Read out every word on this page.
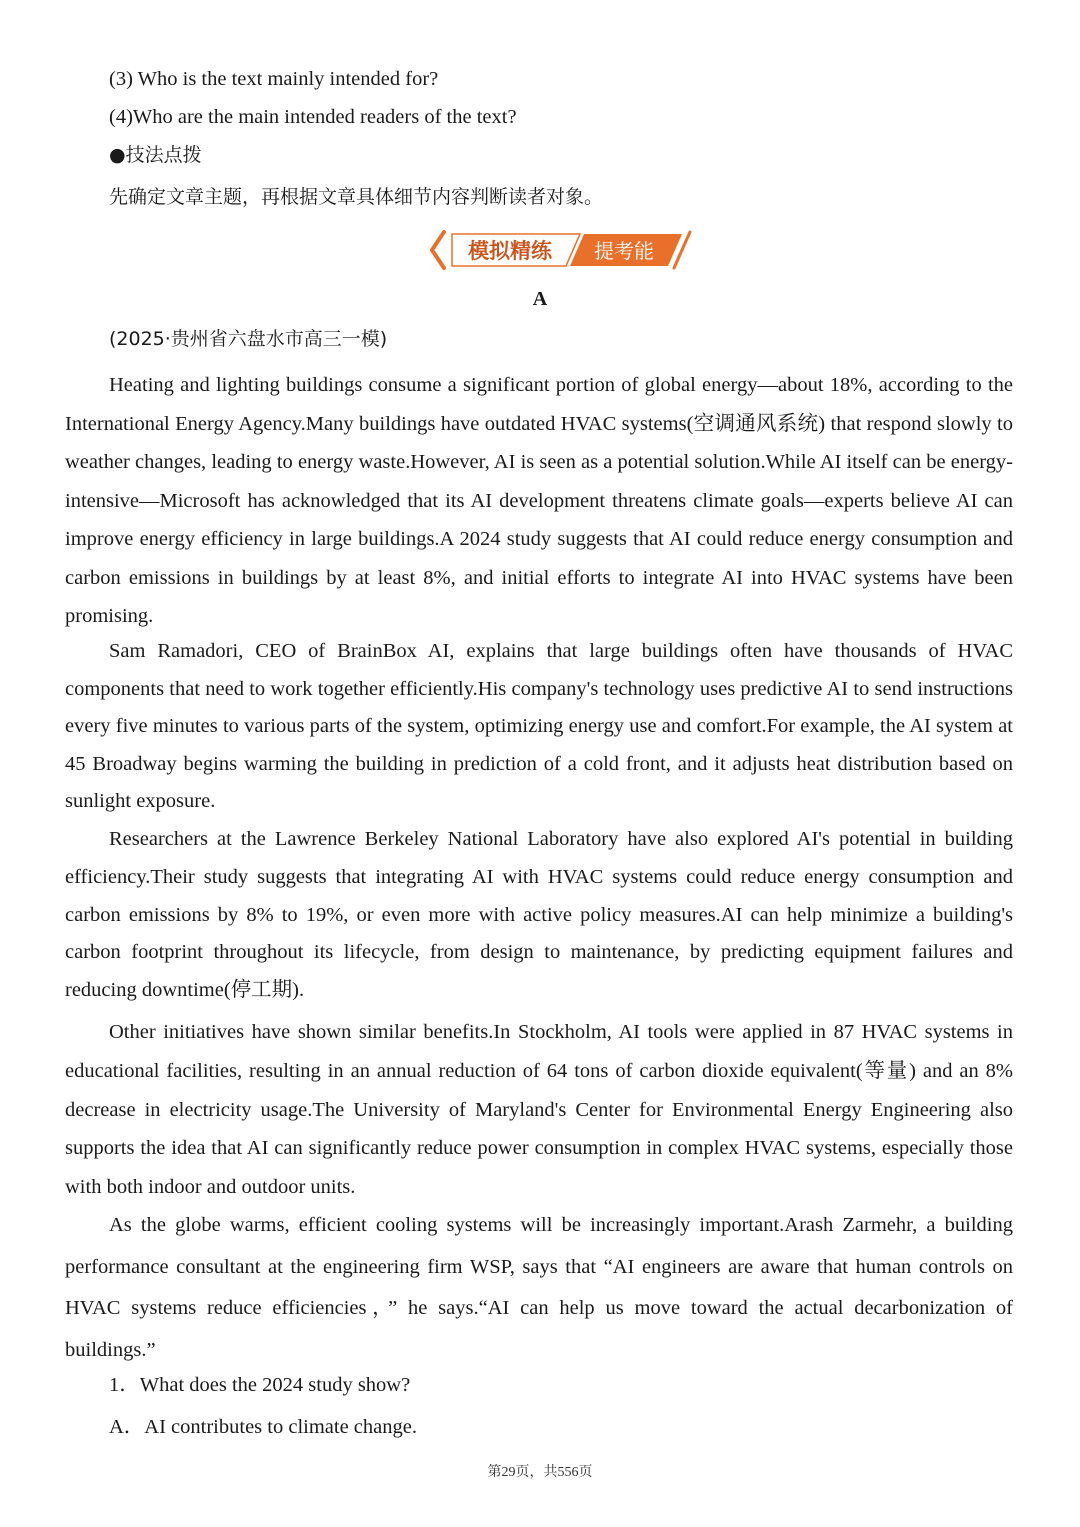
(3) Who is the text mainly intended for?
(4)Who are the main intended readers of the text?
●技法点拨
先确定文章主题，再根据文章具体细节内容判断读者对象。
模拟精练 提考能
A
(2025·贵州省六盘水市高三一模)

Heating and lighting buildings consume a significant portion of global energy—about 18%, according to the International Energy Agency.Many buildings have outdated HVAC systems(空调通风系统) that respond slowly to weather changes, leading to energy waste.However, AI is seen as a potential solution.While AI itself can be energy-intensive—Microsoft has acknowledged that its AI development threatens climate goals—experts believe AI can improve energy efficiency in large buildings.A 2024 study suggests that AI could reduce energy consumption and carbon emissions in buildings by at least 8%, and initial efforts to integrate AI into HVAC systems have been promising.

Sam Ramadori, CEO of BrainBox AI, explains that large buildings often have thousands of HVAC components that need to work together efficiently.His company's technology uses predictive AI to send instructions every five minutes to various parts of the system, optimizing energy use and comfort.For example, the AI system at 45 Broadway begins warming the building in prediction of a cold front, and it adjusts heat distribution based on sunlight exposure.

Researchers at the Lawrence Berkeley National Laboratory have also explored AI's potential in building efficiency.Their study suggests that integrating AI with HVAC systems could reduce energy consumption and carbon emissions by 8% to 19%, or even more with active policy measures.AI can help minimize a building's carbon footprint throughout its lifecycle, from design to maintenance, by predicting equipment failures and reducing downtime(停工期).

Other initiatives have shown similar benefits.In Stockholm, AI tools were applied in 87 HVAC systems in educational facilities, resulting in an annual reduction of 64 tons of carbon dioxide equivalent(等量) and an 8% decrease in electricity usage.The University of Maryland's Center for Environmental Energy Engineering also supports the idea that AI can significantly reduce power consumption in complex HVAC systems, especially those with both indoor and outdoor units.

As the globe warms, efficient cooling systems will be increasingly important.Arash Zarmehr, a building performance consultant at the engineering firm WSP, says that “AI engineers are aware that human controls on HVAC systems reduce efficiencies，” he says.“AI can help us move toward the actual decarbonization of buildings.”

1．What does the 2024 study show?
A．AI contributes to climate change.
第29页，共556页
